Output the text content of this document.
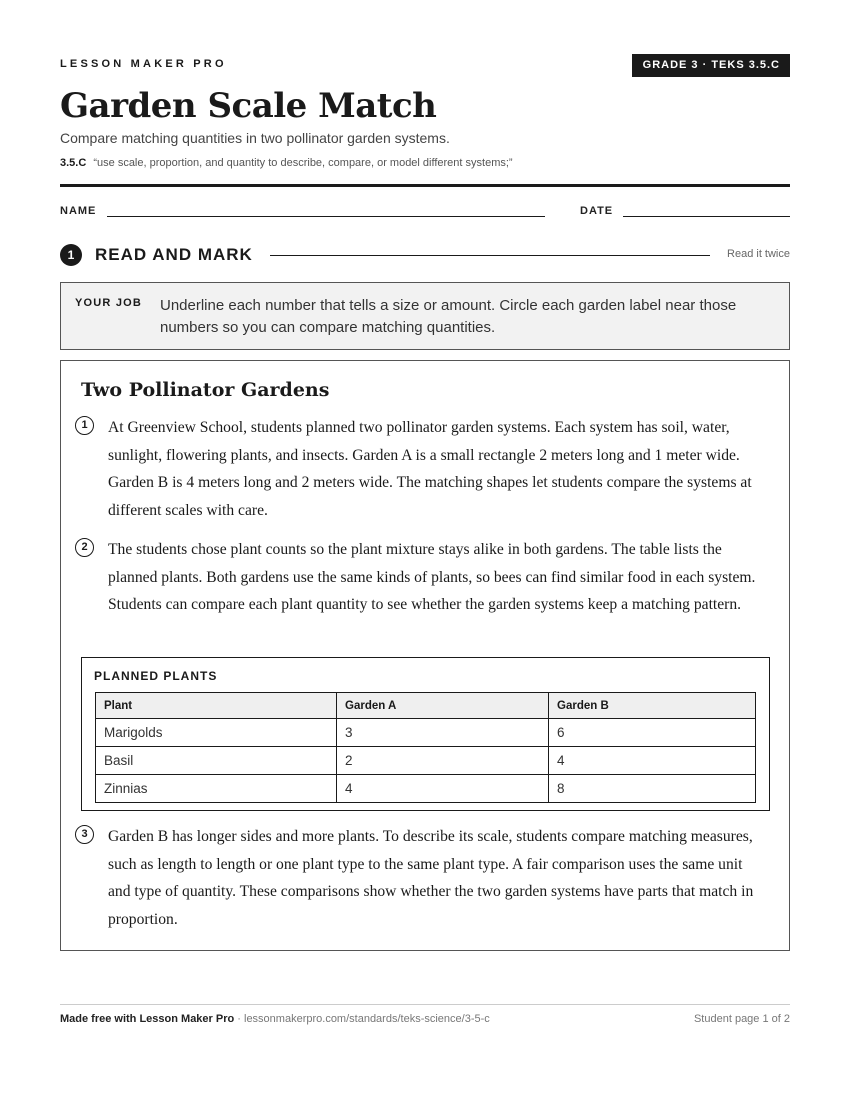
LESSON MAKER PRO	GRADE 3 · TEKS 3.5.C
Garden Scale Match
Compare matching quantities in two pollinator garden systems.
3.5.C “use scale, proportion, and quantity to describe, compare, or model different systems;”
NAME	DATE
1	READ AND MARK	Read it twice
YOUR JOB Underline each number that tells a size or amount. Circle each garden label near those numbers so you can compare matching quantities.
Two Pollinator Gardens
1	At Greenview School, students planned two pollinator garden systems. Each system has soil, water, sunlight, flowering plants, and insects. Garden A is a small rectangle 2 meters long and 1 meter wide. Garden B is 4 meters long and 2 meters wide. The matching shapes let students compare the systems at different scales with care.

2	The students chose plant counts so the plant mixture stays alike in both gardens. The table lists the planned plants. Both gardens use the same kinds of plants, so bees can find similar food in each system. Students can compare each plant quantity to see whether the garden systems keep a matching pattern.

PLANNED PLANTS
Plant	Garden A	Garden B
Marigolds	3	6
Basil	2	4
Zinnias	4	8
3	Garden B has longer sides and more plants. To describe its scale, students compare matching measures, such as length to length or one plant type to the same plant type. A fair comparison uses the same unit and type of quantity. These comparisons show whether the two garden systems have parts that match in proportion.

Made free with Lesson Maker Pro · lessonmakerpro.com/standards/teks-science/3-5-c	Student page 1 of 2
